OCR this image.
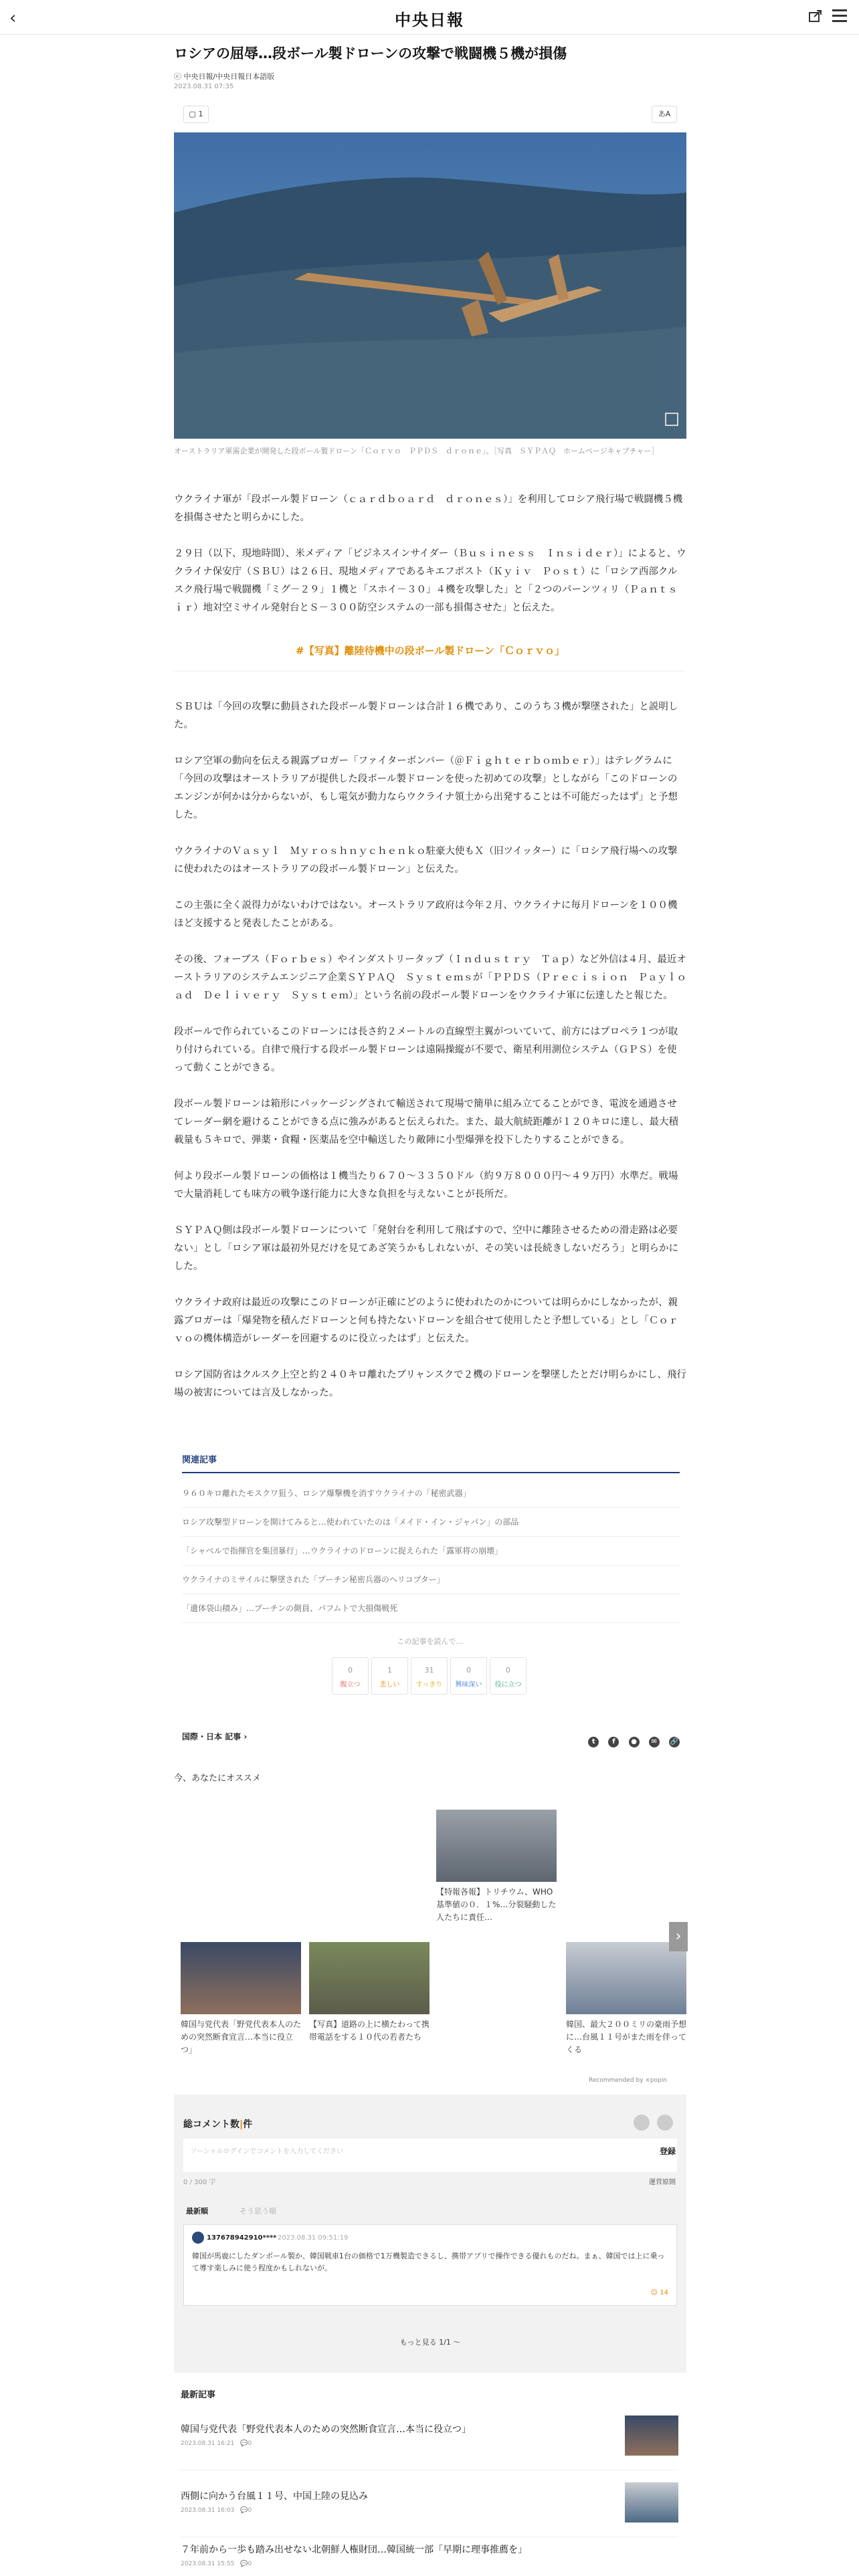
‹	中央日報
ロシアの屈辱…段ボール製ドローンの攻撃で戦闘機５機が損傷
ⓒ 中央日報/中央日報日本語版
2023.08.31 07:35
▢ 1	あA
オーストラリア軍需企業が開発した段ボール製ドローン「Ｃｏｒｖｏ　ＰＰＤＳ　ｄｒｏｎｅ」。［写真　ＳＹＰＡＱ　ホームページキャプチャー］

ウクライナ軍が「段ボール製ドローン（ｃａｒｄｂｏａｒｄ　ｄｒｏｎｅｓ）」を利用してロシア飛行場で戦闘機５機を損傷させたと明らかにした。

２９日（以下、現地時間）、米メディア「ビジネスインサイダー（Ｂｕｓｉｎｅｓｓ　Ｉｎｓｉｄｅｒ）」によると、ウクライナ保安庁（ＳＢＵ）は２６日、現地メディアであるキエフポスト（Ｋｙｉｖ　Ｐｏｓｔ）に「ロシア西部クルスク飛行場で戦闘機「ミグ－２９」１機と「スホイ－３０」４機を攻撃した」と「２つのパーンツィリ（Ｐａｎｔｓｉｒ）地対空ミサイル発射台とＳ－３００防空システムの一部も損傷させた」と伝えた。

#【写真】離陸待機中の段ボール製ドローン「Ｃｏｒｖｏ」

ＳＢＵは「今回の攻撃に動員された段ボール製ドローンは合計１６機であり、このうち３機が撃墜された」と説明した。

ロシア空軍の動向を伝える親露ブロガー「ファイターボンバー（＠Ｆｉｇｈｔｅｒｂｏｍｂｅｒ）」はテレグラムに「今回の攻撃はオーストラリアが提供した段ボール製ドローンを使った初めての攻撃」としながら「このドローンのエンジンが何かは分からないが、もし電気が動力ならウクライナ領土から出発することは不可能だったはず」と予想した。

ウクライナのＶａｓｙｌ　Ｍｙｒｏｓｈｎｙｃｈｅｎｋｏ駐豪大使もＸ（旧ツイッター）に「ロシア飛行場への攻撃に使われたのはオーストラリアの段ボール製ドローン」と伝えた。

この主張に全く説得力がないわけではない。オーストラリア政府は今年２月、ウクライナに毎月ドローンを１００機ほど支援すると発表したことがある。

その後、フォーブス（Ｆｏｒｂｅｓ）やインダストリータップ（Ｉｎｄｕｓｔｒｙ　Ｔａｐ）など外信は４月、最近オーストラリアのシステムエンジニア企業ＳＹＰＡＱ　Ｓｙｓｔｅｍｓが「ＰＰＤＳ（Ｐｒｅｃｉｓｉｏｎ　Ｐａｙｌｏａｄ　Ｄｅｌｉｖｅｒｙ　Ｓｙｓｔｅｍ）」という名前の段ボール製ドローンをウクライナ軍に伝達したと報じた。

段ボールで作られているこのドローンには長さ約２メートルの直線型主翼がついていて、前方にはプロペラ１つが取り付けられている。自律で飛行する段ボール製ドローンは遠隔操縦が不要で、衛星利用測位システム（ＧＰＳ）を使って動くことができる。

段ボール製ドローンは箱形にパッケージングされて輸送されて現場で簡単に組み立てることができ、電波を通過させてレーダー網を避けることができる点に強みがあると伝えられた。また、最大航続距離が１２０キロに達し、最大積載量も５キロで、弾薬・食糧・医薬品を空中輸送したり敵陣に小型爆弾を投下したりすることができる。

何より段ボール製ドローンの価格は１機当たり６７０～３３５０ドル（約９万８０００円～４９万円）水準だ。戦場で大量消耗しても味方の戦争遂行能力に大きな負担を与えないことが長所だ。

ＳＹＰＡＱ側は段ボール製ドローンについて「発射台を利用して飛ばすので、空中に離陸させるための滑走路は必要ない」とし「ロシア軍は最初外見だけを見てあざ笑うかもしれないが、その笑いは長続きしないだろう」と明らかにした。

ウクライナ政府は最近の攻撃にこのドローンが正確にどのように使われたのかについては明らかにしなかったが、親露ブロガーは「爆発物を積んだドローンと何も持たないドローンを組合せて使用したと予想している」とし「Ｃｏｒｖｏの機体構造がレーダーを回避するのに役立ったはず」と伝えた。

ロシア国防省はクルスク上空と約２４０キロ離れたブリャンスクで２機のドローンを撃墜したとだけ明らかにし、飛行場の被害については言及しなかった。

関連記事
９６０キロ離れたモスクワ狙う、ロシア爆撃機を消すウクライナの「秘密武器」
ロシア攻撃型ドローンを開けてみると…使われていたのは「メイド・イン・ジャパン」の部品
「シャベルで指揮官を集団暴行」…ウクライナのドローンに捉えられた「露軍将の崩壊」
ウクライナのミサイルに撃墜された「プーチン秘密兵器のヘリコプター」
「遺体袋山積み」…プーチンの側員、パフムトで大損傷戦死
この記事を読んで…
0
腹立つ
1
悲しい
31
すっきり
0
興味深い
0
役に立つ
国際・日本 記事 ›
t	f ● ✉ 🔗
今、あなたにオススメ
【特報各報】トリチウム、WHO基準値の０．１%…分裂騒動した人たちに責任…
韓国与党代表「野党代表本人のための突然断食宣言…本当に役立つ」
【写真】道路の上に横たわって携帯電話をする１０代の若者たち
韓国、最大２００ミリの豪雨予想に…台風１１号がまた雨を伴ってくる
›
Recommended by ⨯popin
総コメント数|件

ソーシャルログインでコメントを入力してください	登録
0 / 300 字	運営原則
最新順	そう思う順
137678942910**** 2023.08.31 09:51:19
韓国が馬鹿にしたダンボール製か、韓国戦車1台の価格で1万機製造できるし、携帯アプリで操作できる優れものだね。まぁ、韓国では上に乗って導す楽しみに使う程度かもしれないが。
☺ 14
もっと見る 1/1 ～
最新記事
韓国与党代表「野党代表本人のための突然断食宣言…本当に役立つ」
2023.08.31 16:21　💬0
西側に向かう台風１１号、中国上陸の見込み
2023.08.31 16:03　💬0
７年前から一歩も踏み出せない北朝鮮人権財団…韓国統一部「早期に理事推薦を」
2023.08.31 15:55　💬0
